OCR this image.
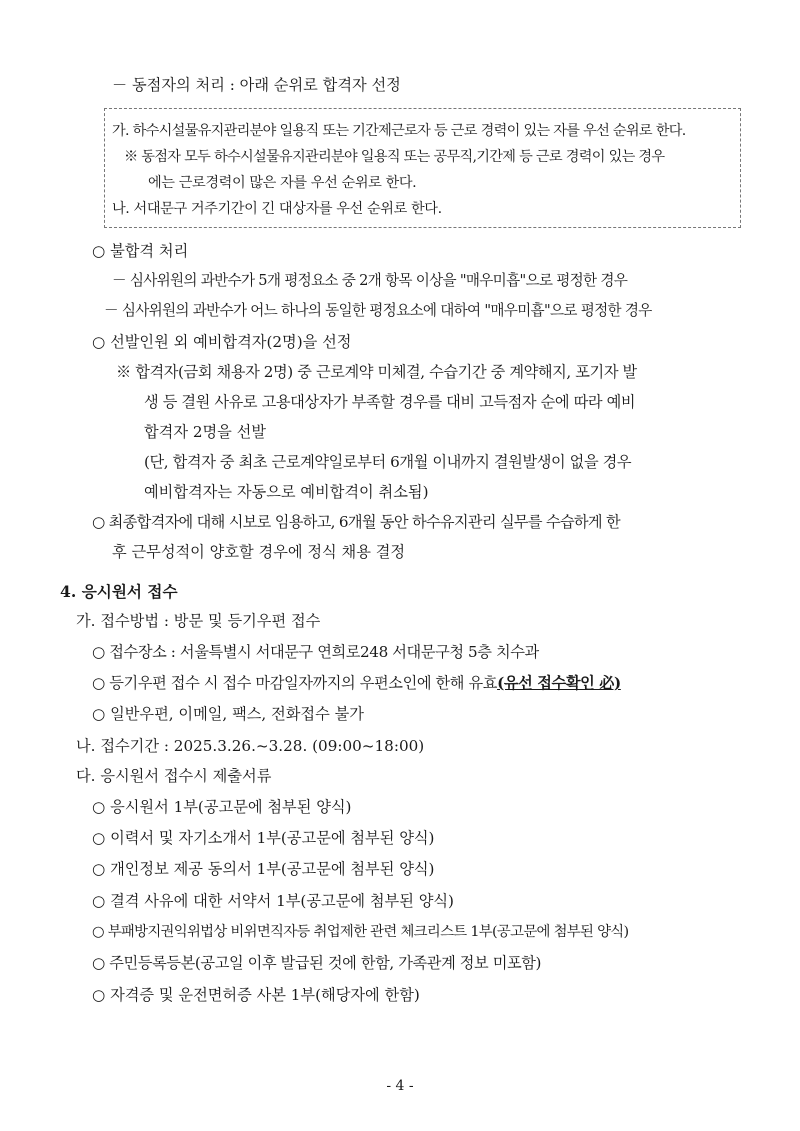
－ 동점자의 처리 : 아래 순위로 합격자 선정
가. 하수시설물유지관리분야 일용직 또는 기간제근로자 등 근로 경력이 있는 자를 우선 순위로 한다.
※ 동점자 모두 하수시설물유지관리분야 일용직 또는 공무직,기간제 등 근로 경력이 있는 경우
에는 근로경력이 많은 자를 우선 순위로 한다.
나. 서대문구 거주기간이 긴 대상자를 우선 순위로 한다.
○ 불합격 처리
－ 심사위원의 과반수가 5개 평정요소 중 2개 항목 이상을 "매우미흡"으로 평정한 경우
－ 심사위원의 과반수가 어느 하나의 동일한 평정요소에 대하여 "매우미흡"으로 평정한 경우
○ 선발인원 외 예비합격자(2명)을 선정
※ 합격자(금회 채용자 2명) 중 근로계약 미체결, 수습기간 중 계약해지, 포기자 발
생 등 결원 사유로 고용대상자가 부족할 경우를 대비 고득점자 순에 따라 예비
합격자 2명을 선발
(단, 합격자 중 최초 근로계약일로부터 6개월 이내까지 결원발생이 없을 경우
예비합격자는 자동으로 예비합격이 취소됨)
○ 최종합격자에 대해 시보로 임용하고, 6개월 동안 하수유지관리 실무를 수습하게 한
후 근무성적이 양호할 경우에 정식 채용 결정
4. 응시원서 접수
가. 접수방법 : 방문 및 등기우편 접수
○ 접수장소 : 서울특별시 서대문구 연희로248 서대문구청 5층 치수과
○ 등기우편 접수 시 접수 마감일자까지의 우편소인에 한해 유효(유선 접수확인 必)
○ 일반우편, 이메일, 팩스, 전화접수 불가
나. 접수기간 : 2025.3.26.~3.28. (09:00~18:00)
다. 응시원서 접수시 제출서류
○ 응시원서 1부(공고문에 첨부된 양식)
○ 이력서 및 자기소개서 1부(공고문에 첨부된 양식)
○ 개인정보 제공 동의서 1부(공고문에 첨부된 양식)
○ 결격 사유에 대한 서약서 1부(공고문에 첨부된 양식)
○ 부패방지권익위법상 비위면직자등 취업제한 관련 체크리스트 1부(공고문에 첨부된 양식)
○ 주민등록등본(공고일 이후 발급된 것에 한함, 가족관계 정보 미포함)
○ 자격증 및 운전면허증 사본 1부(해당자에 한함)
- 4 -
